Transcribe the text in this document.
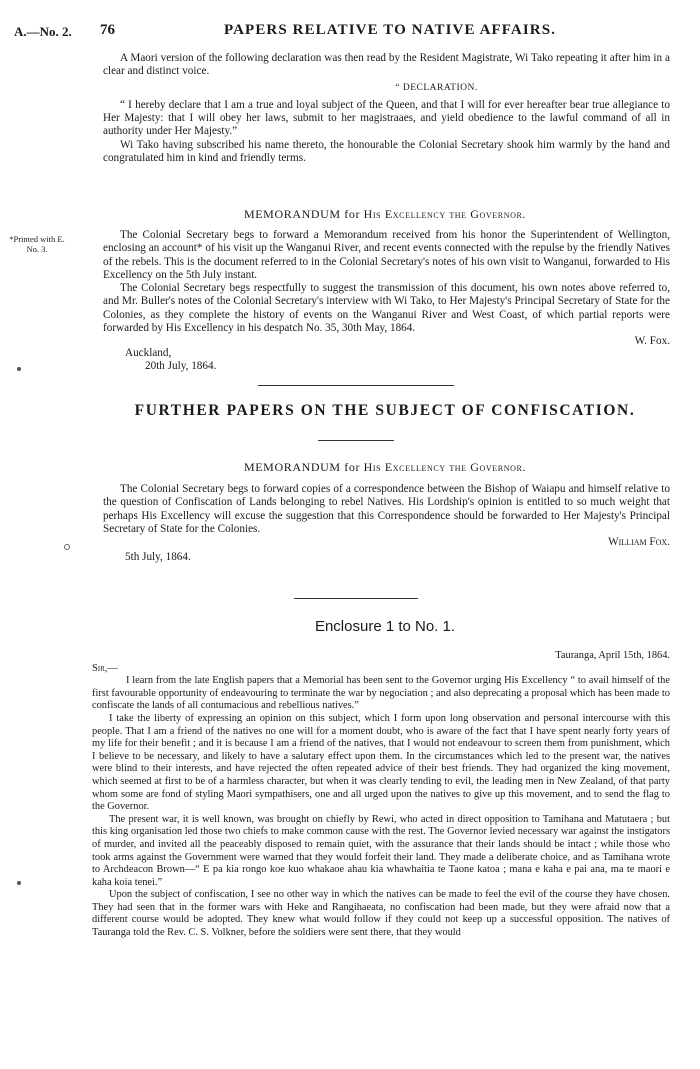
A.—No. 2. 76	PAPERS RELATIVE TO NATIVE AFFAIRS.

A Maori version of the following declaration was then read by the Resident Magistrate, Wi Tako repeating it after him in a clear and distinct voice.

“ DECLARATION.

“ I hereby declare that I am a true and loyal subject of the Queen, and that I will for ever hereafter bear true allegiance to Her Majesty: that I will obey her laws, submit to her magistraaes, and yield obedience to the lawful command of all in authority under Her Majesty.”

Wi Tako having subscribed his name thereto, the honourable the Colonial Secretary shook him warmly by the hand and congratulated him in kind and friendly terms.

MEMORANDUM for His Excellency the Governor.
*Printed with E.
No. 3.

The Colonial Secretary begs to forward a Memorandum received from his honor the Superintendent of Wellington, enclosing an account* of his visit up the Wanganui River, and recent events connected with the repulse by the friendly Natives of the rebels. This is the document referred to in the Colonial Secretary's notes of his own visit to Wanganui, forwarded to His Excellency on the 5th July instant.

The Colonial Secretary begs respectfully to suggest the transmission of this document, his own notes above referred to, and Mr. Buller's notes of the Colonial Secretary's interview with Wi Tako, to Her Majesty's Principal Secretary of State for the Colonies, as they complete the history of events on the Wanganui River and West Coast, of which partial reports were forwarded by His Excellency in his despatch No. 35, 30th May, 1864.

W. Fox.

Auckland,

20th July, 1864.

FURTHER PAPERS ON THE SUBJECT OF CONFISCATION.
MEMORANDUM for His Excellency the Governor.

The Colonial Secretary begs to forward copies of a correspondence between the Bishop of Waiapu and himself relative to the question of Confiscation of Lands belonging to rebel Natives. His Lordship's opinion is entitled to so much weight that perhaps His Excellency will excuse the suggestion that this Correspondence should be forwarded to Her Majesty's Principal Secretary of State for the Colonies.

William Fox.

5th July, 1864.

Enclosure 1 to No. 1.

Tauranga, April 15th, 1864.

Sir,—

I learn from the late English papers that a Memorial has been sent to the Governor urging His Excellency “ to avail himself of the first favourable opportunity of endeavouring to terminate the war by negociation ; and also deprecating a proposal which has been made to confiscate the lands of all contumacious and rebellious natives.”

I take the liberty of expressing an opinion on this subject, which I form upon long observation and personal intercourse with this people. That I am a friend of the natives no one will for a moment doubt, who is aware of the fact that I have spent nearly forty years of my life for their benefit ; and it is because I am a friend of the natives, that I would not endeavour to screen them from punishment, which I believe to be necessary, and likely to have a salutary effect upon them. In the circumstances which led to the present war, the natives were blind to their interests, and have rejected the often repeated advice of their best friends. They had organized the king movement, which seemed at first to be of a harmless character, but when it was clearly tending to evil, the leading men in New Zealand, of that party whom some are fond of styling Maori sympathisers, one and all urged upon the natives to give up this movement, and to send the flag to the Governor.

The present war, it is well known, was brought on chiefly by Rewi, who acted in direct opposition to Tamihana and Matutaera ; but this king organisation led those two chiefs to make common cause with the rest. The Governor levied necessary war against the instigators of murder, and invited all the peaceably disposed to remain quiet, with the assurance that their lands should be intact ; while those who took arms against the Government were warned that they would forfeit their land. They made a deliberate choice, and as Tamihana wrote to Archdeacon Brown—“ E pa kia rongo koe kuo whakaoe ahau kia whawhaitia te Taone katoa ; mana e kaha e pai ana, ma te maori e kaha koia tenei.”

Upon the subject of confiscation, I see no other way in which the natives can be made to feel the evil of the course they have chosen. They had seen that in the former wars with Heke and Rangihaeata, no confiscation had been made, but they were afraid now that a different course would be adopted. They knew what would follow if they could not keep up a successful opposition. The natives of Tauranga told the Rev. C. S. Volkner, before the soldiers were sent there, that they would
